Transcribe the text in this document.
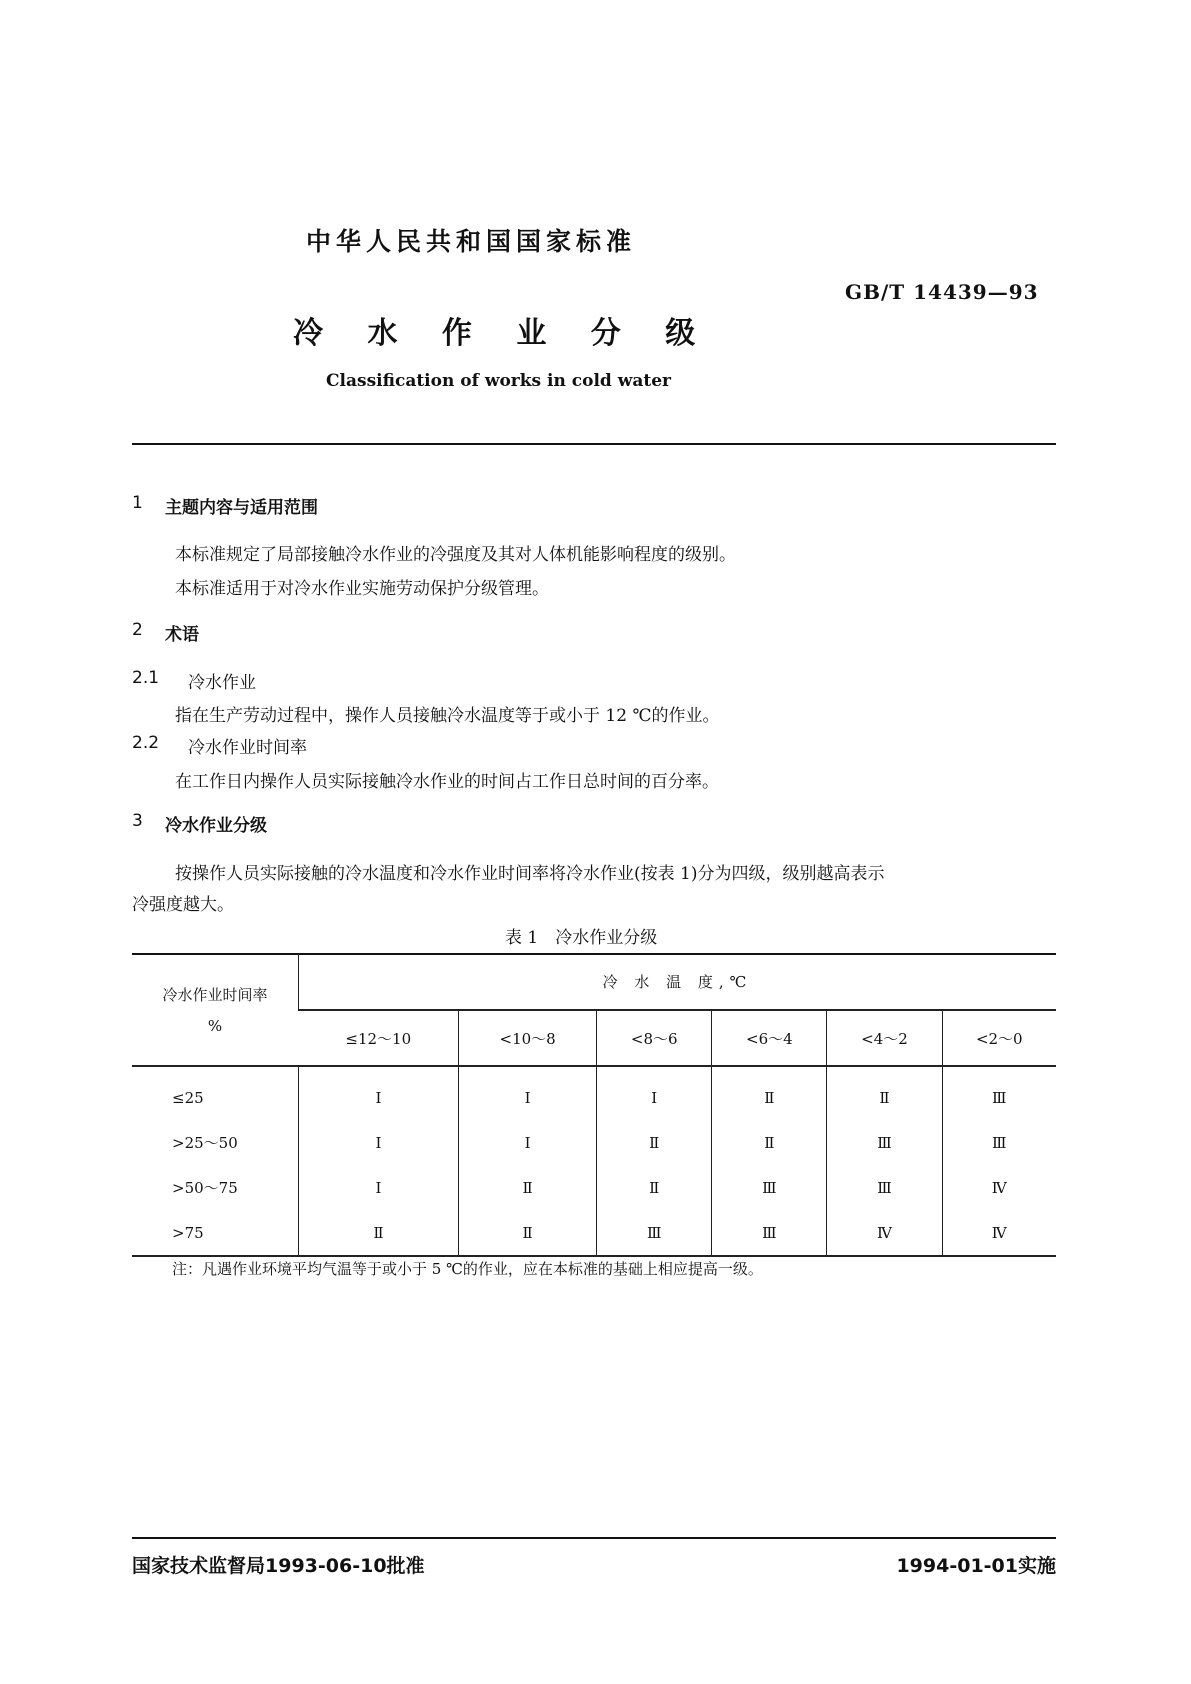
中华人民共和国国家标准
GB/T 14439—93
冷 水 作 业 分 级
Classification of works in cold water
1 主题内容与适用范围
本标准规定了局部接触冷水作业的冷强度及其对人体机能影响程度的级别。
本标准适用于对冷水作业实施劳动保护分级管理。
2 术语
2.1 冷水作业
指在生产劳动过程中，操作人员接触冷水温度等于或小于 12 ℃的作业。
2.2 冷水作业时间率
在工作日内操作人员实际接触冷水作业的时间占工作日总时间的百分率。
3 冷水作业分级
按操作人员实际接触的冷水温度和冷水作业时间率将冷水作业(按表 1)分为四级，级别越高表示
冷强度越大。
表 1　冷水作业分级
冷水作业时间率
%	冷 水 温 度,℃					
	≤12～10	<10～8	<8～6	<6～4	<4～2	<2～0
≤25	Ⅰ	Ⅰ	Ⅰ	Ⅱ	Ⅱ	Ⅲ
>25～50	Ⅰ	Ⅰ	Ⅱ	Ⅱ	Ⅲ	Ⅲ
>50～75	Ⅰ	Ⅱ	Ⅱ	Ⅲ	Ⅲ	Ⅳ
>75	Ⅱ	Ⅱ	Ⅲ	Ⅲ	Ⅳ	Ⅳ
注：凡遇作业环境平均气温等于或小于 5 ℃的作业，应在本标准的基础上相应提高一级。
国家技术监督局1993-06-10批准	1994-01-01实施
